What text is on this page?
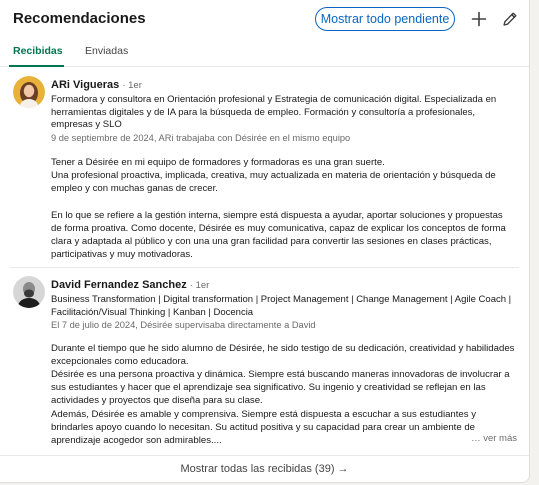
Recomendaciones	Mostrar todo pendiente
Recibidas Enviadas
ARi Vigueras · 1er
Formadora y consultora en Orientación profesional y Estrategia de comunicación digital. Especializada en herramientas digitales y de IA para la búsqueda de empleo. Formación y consultoría a profesionales, empresas y SLO
9 de septiembre de 2024, ARi trabajaba con Désirée en el mismo equipo

Tener a Désirée en mi equipo de formadores y formadoras es una gran suerte.

Una profesional proactiva, implicada, creativa, muy actualizada en materia de orientación y búsqueda de empleo y con muchas ganas de crecer.

En lo que se refiere a la gestión interna, siempre está dispuesta a ayudar, aportar soluciones y propuestas de forma proativa. Como docente, Désirée es muy comunicativa, capaz de explicar los conceptos de forma clara y adaptada al público y con una una gran facilidad para convertir las sesiones en clases prácticas, participativas y muy motivadoras.

David Fernandez Sanchez · 1er
Business Transformation | Digital transformation | Project Management | Change Management | Agile Coach | Facilitación/Visual Thinking | Kanban | Docencia
El 7 de julio de 2024, Désirée supervisaba directamente a David

Durante el tiempo que he sido alumno de Désirée, he sido testigo de su dedicación, creatividad y habilidades excepcionales como educadora.

Désirée es una persona proactiva y dinámica. Siempre está buscando maneras innovadoras de involucrar a sus estudiantes y hacer que el aprendizaje sea significativo. Su ingenio y creatividad se reflejan en las actividades y proyectos que diseña para su clase.

Además, Désirée es amable y comprensiva. Siempre está dispuesta a escuchar a sus estudiantes y brindarles apoyo cuando lo necesitan. Su actitud positiva y su capacidad para crear un ambiente de aprendizaje acogedor son admirables....	… ver más
Mostrar todas las recibidas (39) →
